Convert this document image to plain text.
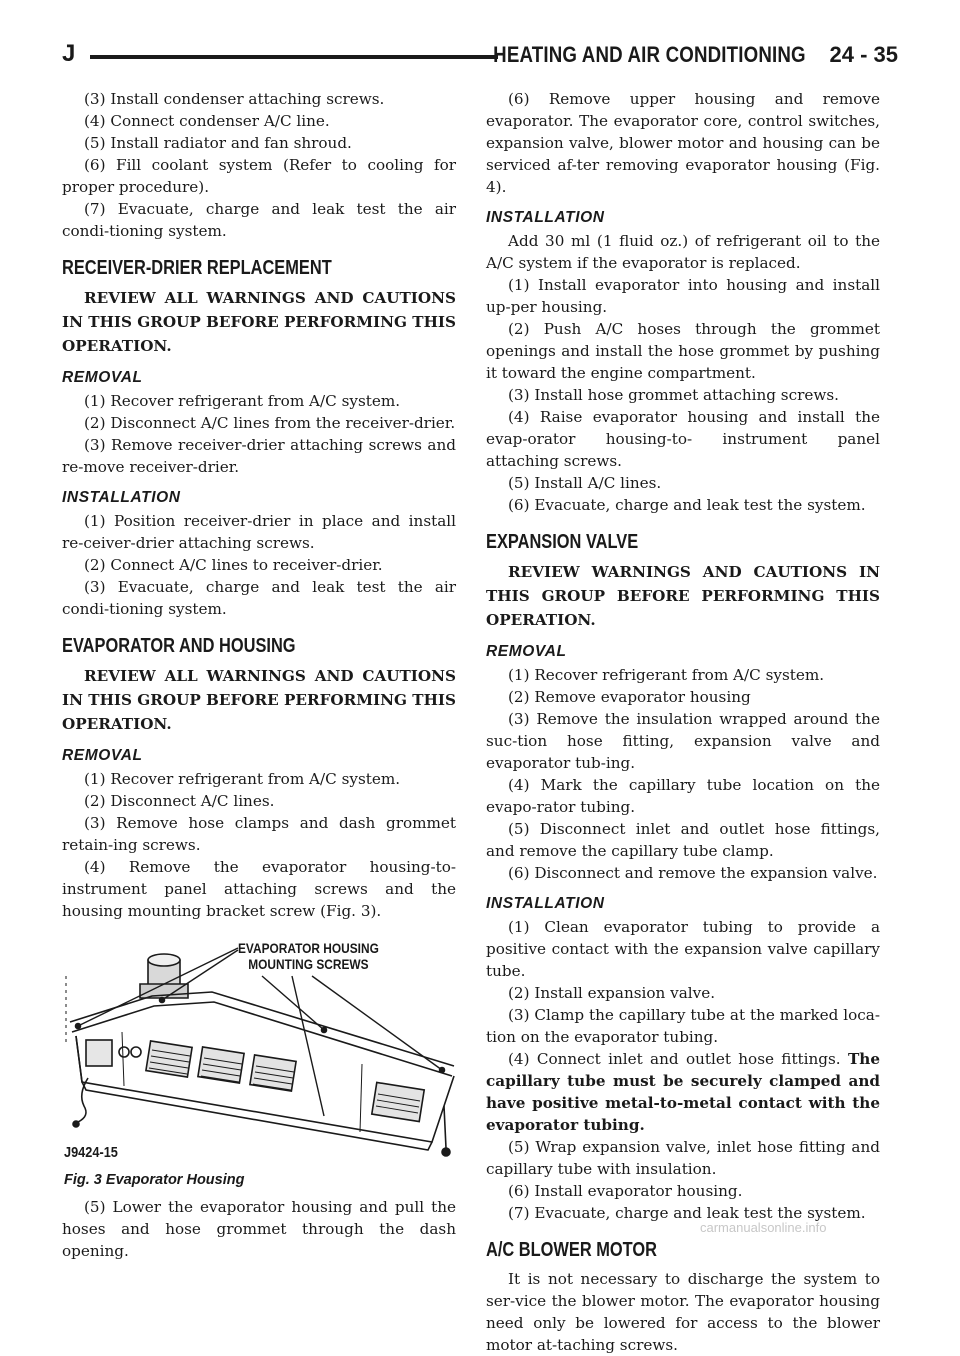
J	HEATING AND AIR CONDITIONING 24 - 35

(3) Install condenser attaching screws.

(4) Connect condenser A/C line.

(5) Install radiator and fan shroud.

(6) Fill coolant system (Refer to cooling for proper procedure).

(7) Evacuate, charge and leak test the air condi-tioning system.

RECEIVER-DRIER REPLACEMENT

REVIEW ALL WARNINGS AND CAUTIONS IN THIS GROUP BEFORE PERFORMING THIS OPERATION.

REMOVAL

(1) Recover refrigerant from A/C system.

(2) Disconnect A/C lines from the receiver-drier.

(3) Remove receiver-drier attaching screws and re-move receiver-drier.

INSTALLATION

(1) Position receiver-drier in place and install re-ceiver-drier attaching screws.

(2) Connect A/C lines to receiver-drier.

(3) Evacuate, charge and leak test the air condi-tioning system.

EVAPORATOR AND HOUSING

REVIEW ALL WARNINGS AND CAUTIONS IN THIS GROUP BEFORE PERFORMING THIS OPERATION.

REMOVAL

(1) Recover refrigerant from A/C system.

(2) Disconnect A/C lines.

(3) Remove hose clamps and dash grommet retain-ing screws.

(4) Remove the evaporator housing-to-instrument panel attaching screws and the housing mounting bracket screw (Fig. 3).

EVAPORATOR HOUSING
MOUNTING SCREWS
J9424-15
Fig. 3 Evaporator Housing

(5) Lower the evaporator housing and pull the hoses and hose grommet through the dash opening.

(6) Remove upper housing and remove evaporator. The evaporator core, control switches, expansion valve, blower motor and housing can be serviced af-ter removing evaporator housing (Fig. 4).

INSTALLATION

Add 30 ml (1 fluid oz.) of refrigerant oil to the A/C system if the evaporator is replaced.

(1) Install evaporator into housing and install up-per housing.

(2) Push A/C hoses through the grommet openings and install the hose grommet by pushing it toward the engine compartment.

(3) Install hose grommet attaching screws.

(4) Raise evaporator housing and install the evap-orator housing-to- instrument panel attaching screws.

(5) Install A/C lines.

(6) Evacuate, charge and leak test the system.

EXPANSION VALVE

REVIEW WARNINGS AND CAUTIONS IN THIS GROUP BEFORE PERFORMING THIS OPERATION.

REMOVAL

(1) Recover refrigerant from A/C system.

(2) Remove evaporator housing

(3) Remove the insulation wrapped around the suc-tion hose fitting, expansion valve and evaporator tub-ing.

(4) Mark the capillary tube location on the evapo-rator tubing.

(5) Disconnect inlet and outlet hose fittings, and remove the capillary tube clamp.

(6) Disconnect and remove the expansion valve.

INSTALLATION

(1) Clean evaporator tubing to provide a positive contact with the expansion valve capillary tube.

(2) Install expansion valve.

(3) Clamp the capillary tube at the marked loca-tion on the evaporator tubing.

(4) Connect inlet and outlet hose fittings. The capillary tube must be securely clamped and have positive metal-to-metal contact with the evaporator tubing.

(5) Wrap expansion valve, inlet hose fitting and capillary tube with insulation.

(6) Install evaporator housing.

(7) Evacuate, charge and leak test the system.

A/C BLOWER MOTOR

It is not necessary to discharge the system to ser-vice the blower motor. The evaporator housing need only be lowered for access to the blower motor at-taching screws.

carmanualsonline.info
